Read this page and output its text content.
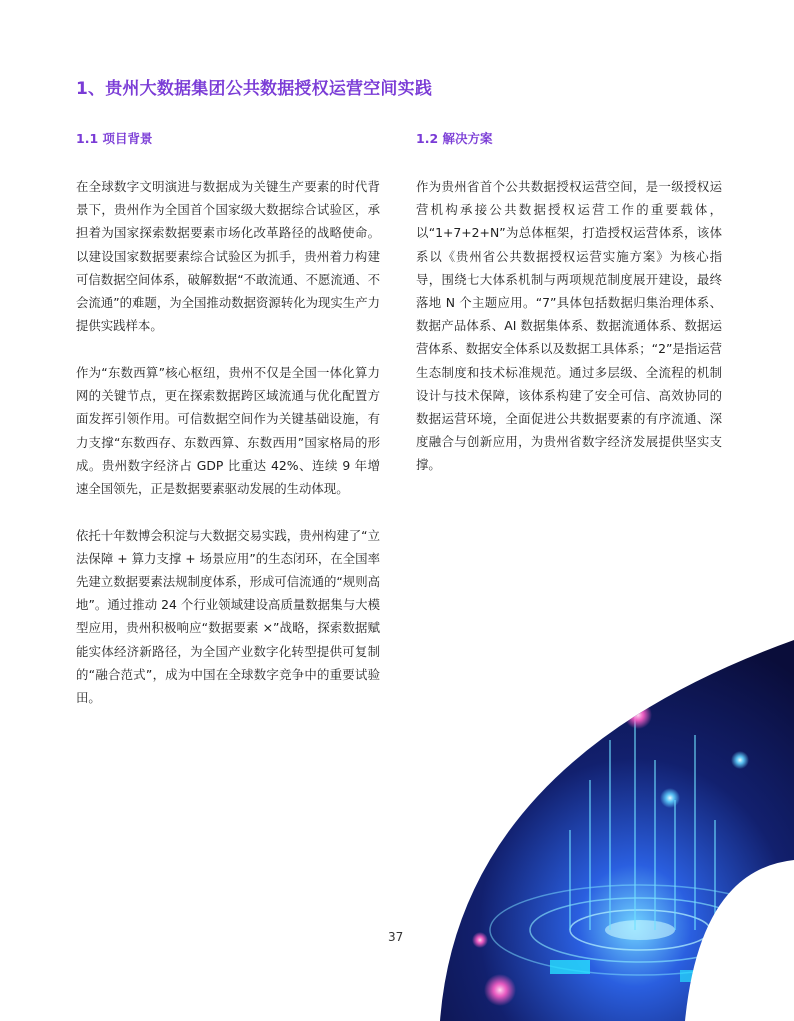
1、贵州大数据集团公共数据授权运营空间实践
1.1 项目背景	1.2 解决方案

在全球数字文明演进与数据成为关键生产要素的时代背景下，贵州作为全国首个国家级大数据综合试验区，承担着为国家探索数据要素市场化改革路径的战略使命。以建设国家数据要素综合试验区为抓手，贵州着力构建可信数据空间体系，破解数据“不敢流通、不愿流通、不会流通”的难题，为全国推动数据资源转化为现实生产力提供实践样本。

作为“东数西算”核心枢纽，贵州不仅是全国一体化算力网的关键节点，更在探索数据跨区域流通与优化配置方面发挥引领作用。可信数据空间作为关键基础设施，有力支撑“东数西存、东数西算、东数西用”国家格局的形成。贵州数字经济占 GDP 比重达 42%、连续 9 年增速全国领先，正是数据要素驱动发展的生动体现。

依托十年数博会积淀与大数据交易实践，贵州构建了“立法保障 + 算力支撑 + 场景应用”的生态闭环，在全国率先建立数据要素法规制度体系，形成可信流通的“规则高地”。通过推动 24 个行业领域建设高质量数据集与大模型应用，贵州积极响应“数据要素 ×”战略，探索数据赋能实体经济新路径，为全国产业数字化转型提供可复制的“融合范式”，成为中国在全球数字竞争中的重要试验田。

作为贵州省首个公共数据授权运营空间，是一级授权运营机构承接公共数据授权运营工作的重要载体，以“1+7+2+N”为总体框架，打造授权运营体系，该体系以《贵州省公共数据授权运营实施方案》为核心指导，围绕七大体系机制与两项规范制度展开建设，最终落地 N 个主题应用。“7”具体包括数据归集治理体系、数据产品体系、AI 数据集体系、数据流通体系、数据运营体系、数据安全体系以及数据工具体系；“2”是指运营生态制度和技术标准规范。通过多层级、全流程的机制设计与技术保障，该体系构建了安全可信、高效协同的数据运营环境，全面促进公共数据要素的有序流通、深度融合与创新应用，为贵州省数字经济发展提供坚实支撑。

37
